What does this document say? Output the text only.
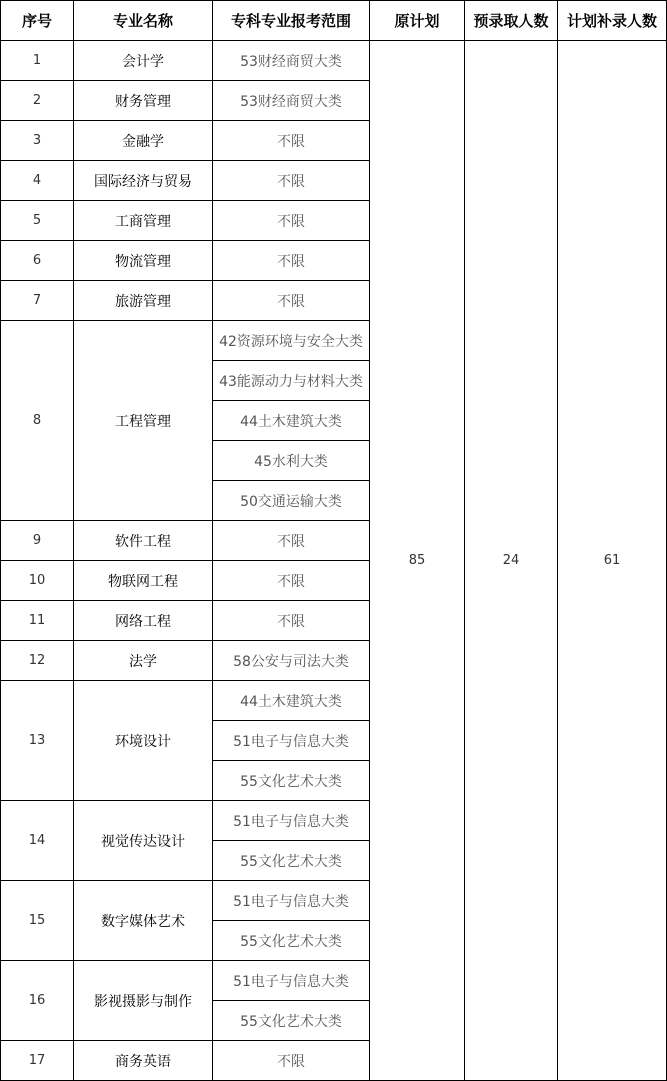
序号	专业名称	专科专业报考范围	原计划	预录取人数	计划补录人数
1	会计学	53财经商贸大类	85	24	61
2	财务管理	53财经商贸大类			
3	金融学	不限			
4	国际经济与贸易	不限			
5	工商管理	不限			
6	物流管理	不限			
7	旅游管理	不限			
8	工程管理	42资源环境与安全大类			
		43能源动力与材料大类			
		44土木建筑大类			
		45水利大类			
		50交通运输大类			
9	软件工程	不限			
10	物联网工程	不限			
11	网络工程	不限			
12	法学	58公安与司法大类			
13	环境设计	44土木建筑大类			
		51电子与信息大类			
		55文化艺术大类			
14	视觉传达设计	51电子与信息大类			
		55文化艺术大类			
15	数字媒体艺术	51电子与信息大类			
		55文化艺术大类			
16	影视摄影与制作	51电子与信息大类			
		55文化艺术大类			
17	商务英语	不限			
